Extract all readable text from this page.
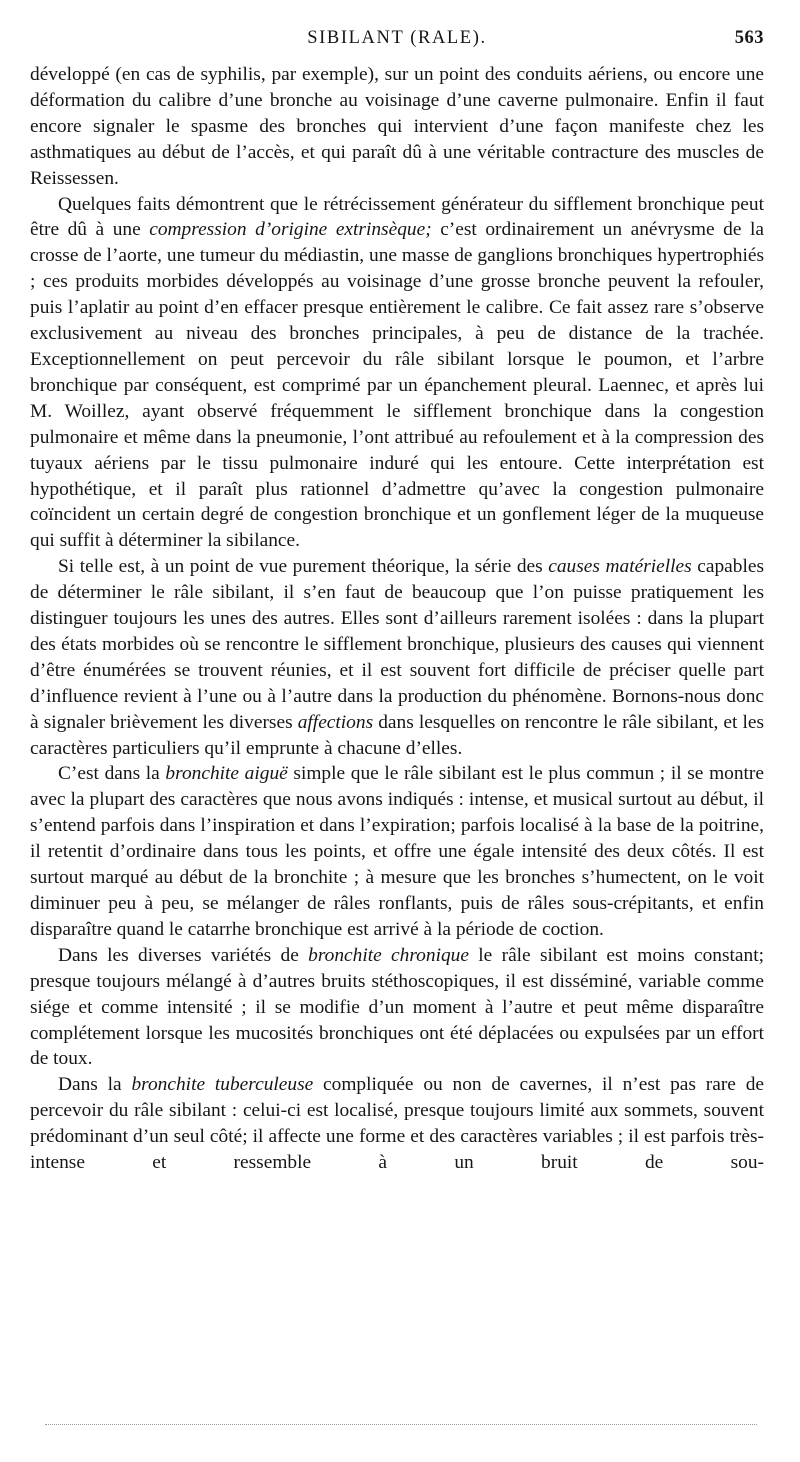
SIBILANT (RALE).	563

développé (en cas de syphilis, par exemple), sur un point des conduits aériens, ou encore une déformation du calibre d’une bronche au voisinage d’une caverne pulmonaire. Enfin il faut encore signaler le spasme des bronches qui intervient d’une façon manifeste chez les asthmatiques au début de l’accès, et qui paraît dû à une véritable contracture des muscles de Reissessen.

Quelques faits démontrent que le rétrécissement générateur du sifflement bronchique peut être dû à une compression d’origine extrinsèque; c’est ordinairement un anévrysme de la crosse de l’aorte, une tumeur du médiastin, une masse de ganglions bronchiques hypertrophiés ; ces produits morbides développés au voisinage d’une grosse bronche peuvent la refouler, puis l’aplatir au point d’en effacer presque entièrement le calibre. Ce fait assez rare s’observe exclusivement au niveau des bronches principales, à peu de distance de la trachée. Exceptionnellement on peut percevoir du râle sibilant lorsque le poumon, et l’arbre bronchique par conséquent, est comprimé par un épanchement pleural. Laennec, et après lui M. Woillez, ayant observé fréquemment le sifflement bronchique dans la congestion pulmonaire et même dans la pneumonie, l’ont attribué au refoulement et à la compression des tuyaux aériens par le tissu pulmonaire induré qui les entoure. Cette interprétation est hypothétique, et il paraît plus rationnel d’admettre qu’avec la congestion pulmonaire coïncident un certain degré de congestion bronchique et un gonflement léger de la muqueuse qui suffit à déterminer la sibilance.

Si telle est, à un point de vue purement théorique, la série des causes matérielles capables de déterminer le râle sibilant, il s’en faut de beaucoup que l’on puisse pratiquement les distinguer toujours les unes des autres. Elles sont d’ailleurs rarement isolées : dans la plupart des états morbides où se rencontre le sifflement bronchique, plusieurs des causes qui viennent d’être énumérées se trouvent réunies, et il est souvent fort difficile de préciser quelle part d’influence revient à l’une ou à l’autre dans la production du phénomène. Bornons-nous donc à signaler brièvement les diverses affections dans lesquelles on rencontre le râle sibilant, et les caractères particuliers qu’il emprunte à chacune d’elles.

C’est dans la bronchite aiguë simple que le râle sibilant est le plus commun ; il se montre avec la plupart des caractères que nous avons indiqués : intense, et musical surtout au début, il s’entend parfois dans l’inspiration et dans l’expiration; parfois localisé à la base de la poitrine, il retentit d’ordinaire dans tous les points, et offre une égale intensité des deux côtés. Il est surtout marqué au début de la bronchite ; à mesure que les bronches s’humectent, on le voit diminuer peu à peu, se mélanger de râles ronflants, puis de râles sous-crépitants, et enfin disparaître quand le catarrhe bronchique est arrivé à la période de coction.

Dans les diverses variétés de bronchite chronique le râle sibilant est moins constant; presque toujours mélangé à d’autres bruits stéthoscopiques, il est disséminé, variable comme siége et comme intensité ; il se modifie d’un moment à l’autre et peut même disparaître complétement lorsque les mucosités bronchiques ont été déplacées ou expulsées par un effort de toux.

Dans la bronchite tuberculeuse compliquée ou non de cavernes, il n’est pas rare de percevoir du râle sibilant : celui-ci est localisé, presque toujours limité aux sommets, souvent prédominant d’un seul côté; il affecte une forme et des caractères variables ; il est parfois très-intense et ressemble à un bruit de sou-
